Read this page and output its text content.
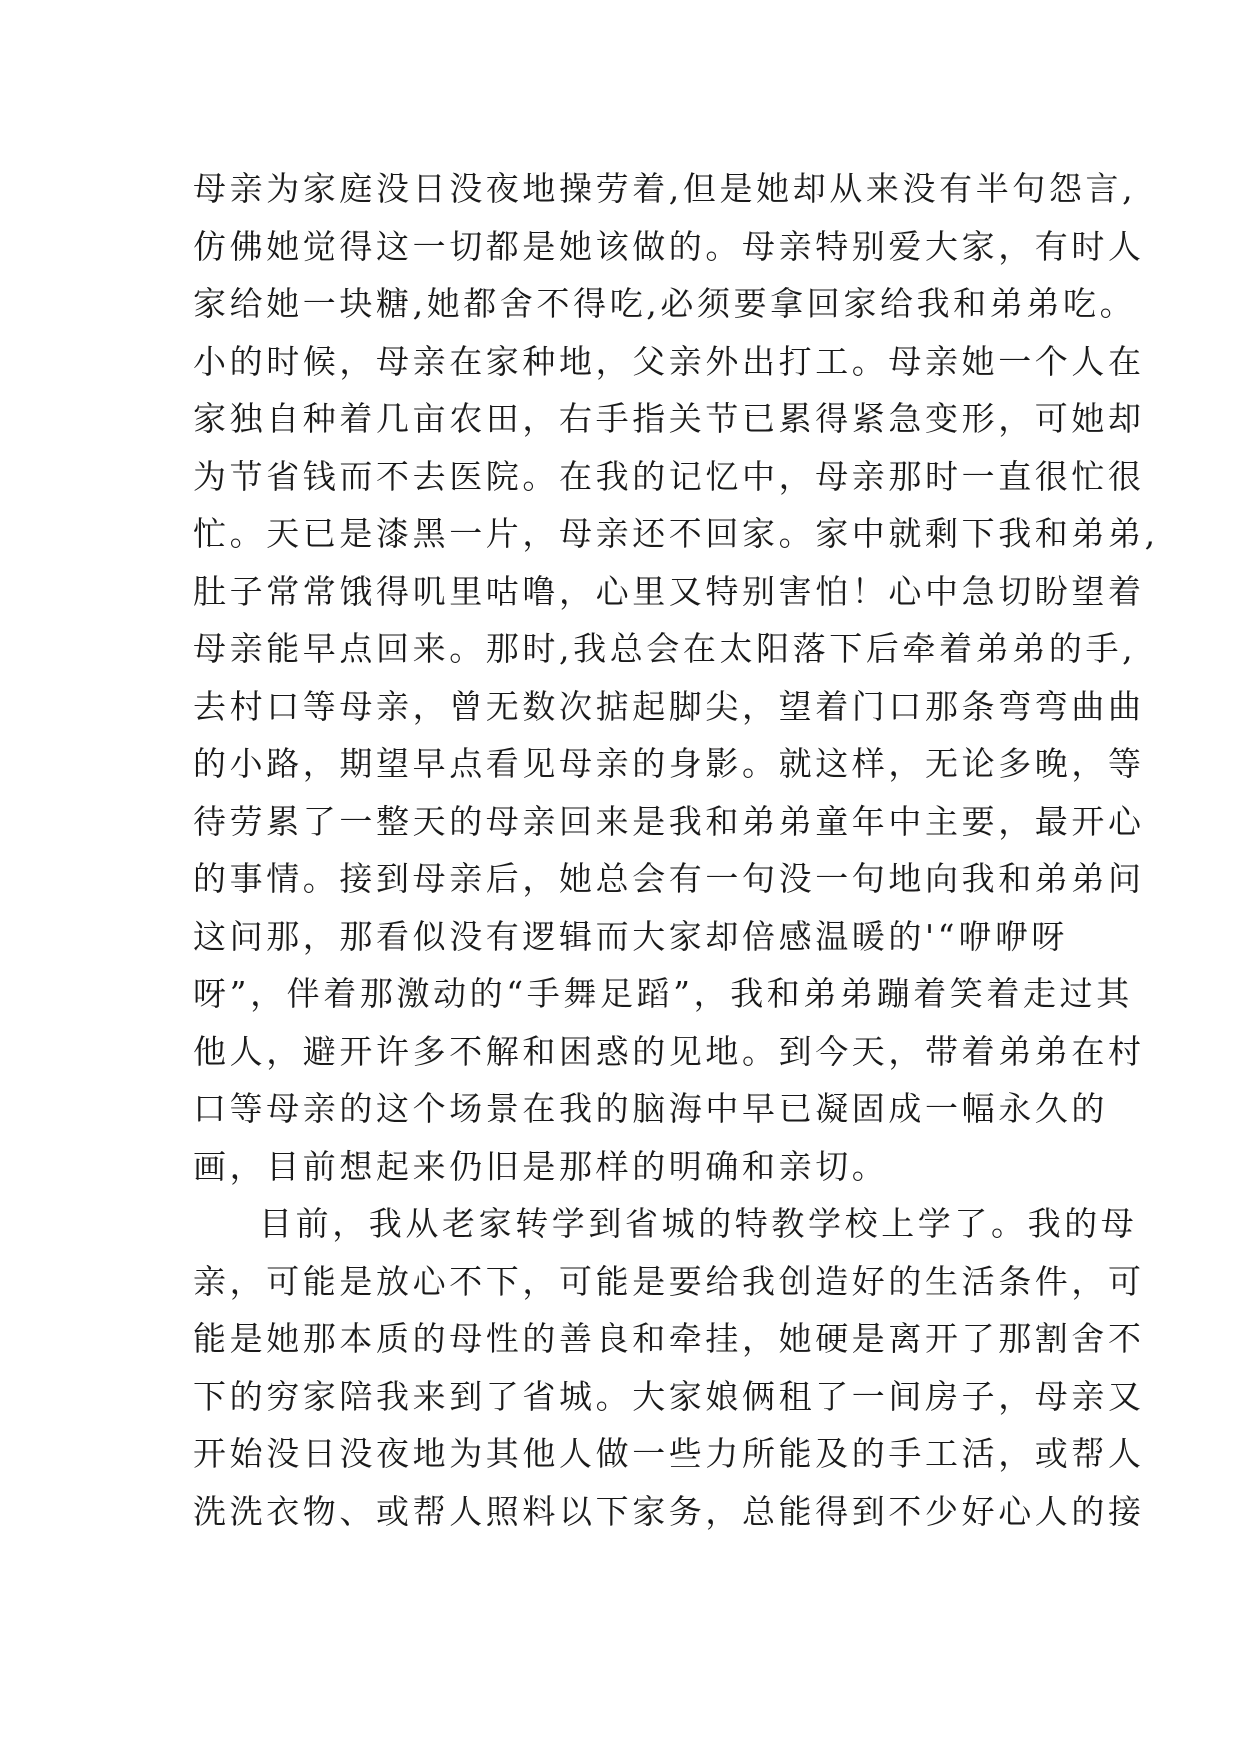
母亲为家庭没日没夜地操劳着,但是她却从来没有半句怨言,
仿佛她觉得这一切都是她该做的。母亲特别爱大家，有时人
家给她一块糖,她都舍不得吃,必须要拿回家给我和弟弟吃。
小的时候，母亲在家种地，父亲外出打工。母亲她一个人在
家独自种着几亩农田，右手指关节已累得紧急变形，可她却
为节省钱而不去医院。在我的记忆中，母亲那时一直很忙很
忙。天已是漆黑一片，母亲还不回家。家中就剩下我和弟弟,
肚子常常饿得叽里咕噜，心里又特别害怕！心中急切盼望着
母亲能早点回来。那时,我总会在太阳落下后牵着弟弟的手,
去村口等母亲，曾无数次掂起脚尖，望着门口那条弯弯曲曲
的小路，期望早点看见母亲的身影。就这样，无论多晚，等
待劳累了一整天的母亲回来是我和弟弟童年中主要，最开心
的事情。接到母亲后，她总会有一句没一句地向我和弟弟问
这问那，那看似没有逻辑而大家却倍感温暖的'“咿咿呀
呀”，伴着那激动的“手舞足蹈”，我和弟弟蹦着笑着走过其
他人，避开许多不解和困惑的见地。到今天，带着弟弟在村
口等母亲的这个场景在我的脑海中早已凝固成一幅永久的
画，目前想起来仍旧是那样的明确和亲切。
目前，我从老家转学到省城的特教学校上学了。我的母
亲，可能是放心不下，可能是要给我创造好的生活条件，可
能是她那本质的母性的善良和牵挂，她硬是离开了那割舍不
下的穷家陪我来到了省城。大家娘俩租了一间房子，母亲又
开始没日没夜地为其他人做一些力所能及的手工活，或帮人
洗洗衣物、或帮人照料以下家务，总能得到不少好心人的接
